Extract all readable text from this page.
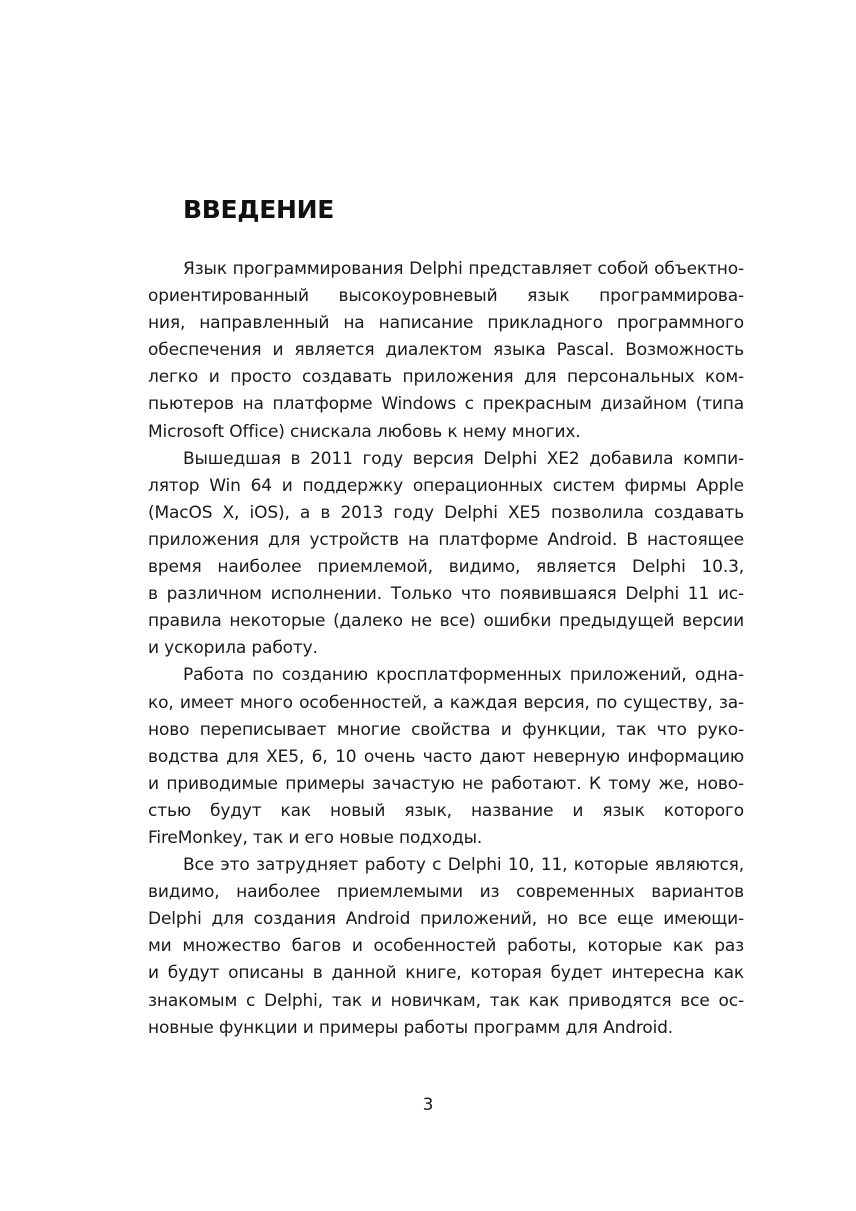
ВВЕДЕНИЕ

Язык программирования Delphi представляет собой объектно-
ориентированный высокоуровневый язык программирова-
ния, направленный на написание прикладного программного
обеспечения и является диалектом языка Pascal. Возможность
легко и просто создавать приложения для персональных ком-
пьютеров на платформе Windows с прекрасным дизайном (типа
Microsoft Office) снискала любовь к нему многих.

Вышедшая в 2011 году версия Delphi XE2 добавила компи-
лятор Win 64 и поддержку операционных систем фирмы Apple
(MacOS X, iOS), а в 2013 году Delphi XE5 позволила создавать
приложения для устройств на платформе Android. В настоящее
время наиболее приемлемой, видимо, является Delphi 10.3,
в различном исполнении. Только что появившаяся Delphi 11 ис-
правила некоторые (далеко не все) ошибки предыдущей версии
и ускорила работу.

Работа по созданию кросплатформенных приложений, одна-
ко, имеет много особенностей, а каждая версия, по существу, за-
ново переписывает многие свойства и функции, так что руко-
водства для XE5, 6, 10 очень часто дают неверную информацию
и приводимые примеры зачастую не работают. К тому же, ново-
стью будут как новый язык, название и язык которого
FireMonkey, так и его новые подходы.

Все это затрудняет работу с Delphi 10, 11, которые являются,
видимо, наиболее приемлемыми из современных вариантов
Delphi для создания Android приложений, но все еще имеющи-
ми множество багов и особенностей работы, которые как раз
и будут описаны в данной книге, которая будет интересна как
знакомым с Delphi, так и новичкам, так как приводятся все ос-
новные функции и примеры работы программ для Android.

3
